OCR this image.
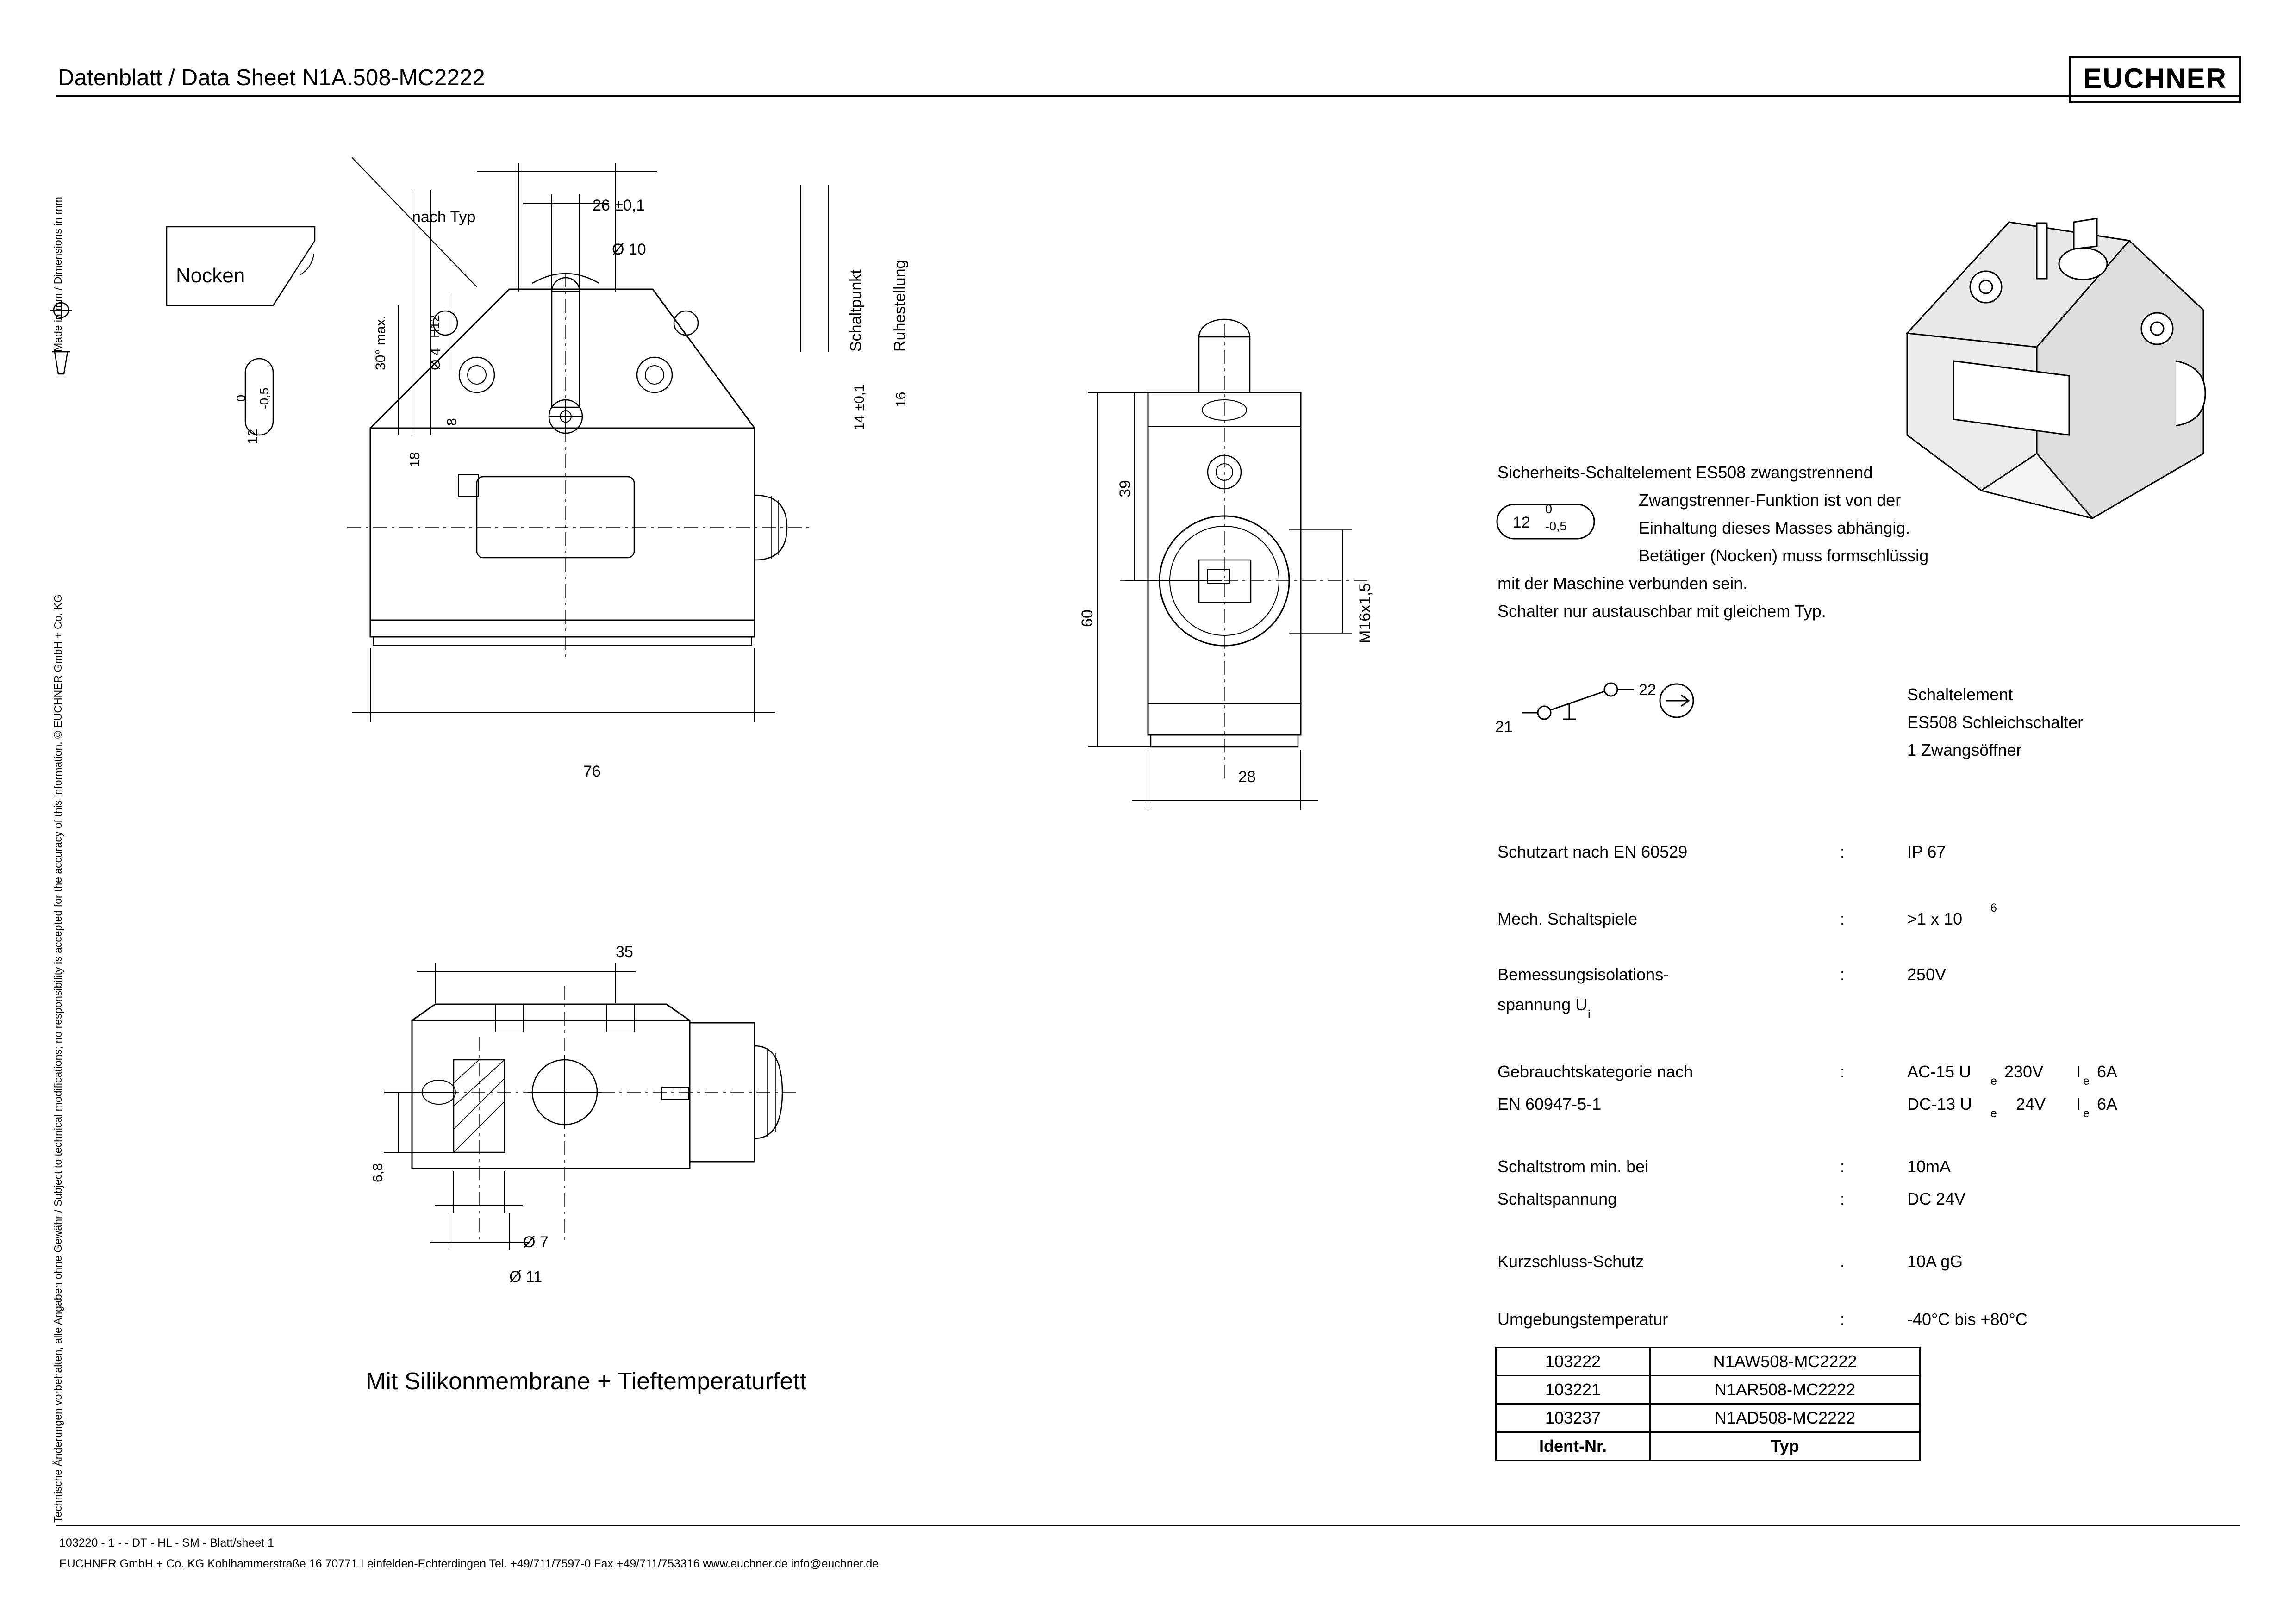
Datenblatt / Data Sheet N1A.508-MC2222	EUCHNER
Technische Änderungen vorbehalten, alle Angaben ohne Gewähr / Subject to technical modifications; no responsibility is accepted for the accuracy of this information. © EUCHNER GmbH + Co. KG
Made in mm / Dimensions in mm	Nocken
nach Typ
30° max.
12
0 -0,5
H12
Ø 4
8
18
26 ±0,1
Ø 10
14 ±0,1 16
Schaltpunkt Ruhestellung
76
60
39
M16x1,5
28
35
6,8
Ø 7
Ø 11
Mit Silikonmembrane + Tieftemperaturfett
Sicherheits-Schaltelement ES508 zwangstrennend
Zwangstrenner-Funktion ist von der
Einhaltung dieses Masses abhängig.
Betätiger (Nocken) muss formschlüssig
mit der Maschine verbunden sein.
Schalter nur austauschbar mit gleichem Typ.
12
0
-0,5
21
22	Schaltelement
ES508 Schleichschalter
1 Zwangsöffner
Schutzart nach EN 60529	:	IP 67
Mech. Schaltspiele	:	>1 x 10
6
Bemessungsisolations-	:	250V
spannung U
i
Gebrauchtskategorie nach	:	AC-15 U e 230V I e 6A
EN 60947-5-1	DC-13 U e 24V I e 6A
Schaltstrom min. bei	:	10mA
Schaltspannung	:	DC 24V
Kurzschluss-Schutz	.	10A gG
Umgebungstemperatur	:	-40°C bis +80°C
103222	N1AW508-MC2222
103221	N1AR508-MC2222
103237	N1AD508-MC2222
Ident-Nr.	Typ
103220 - 1 - - DT - HL - SM - Blatt/sheet 1
EUCHNER GmbH + Co. KG Kohlhammerstraße 16 70771 Leinfelden-Echterdingen Tel. +49/711/7597-0 Fax +49/711/753316 www.euchner.de info@euchner.de
